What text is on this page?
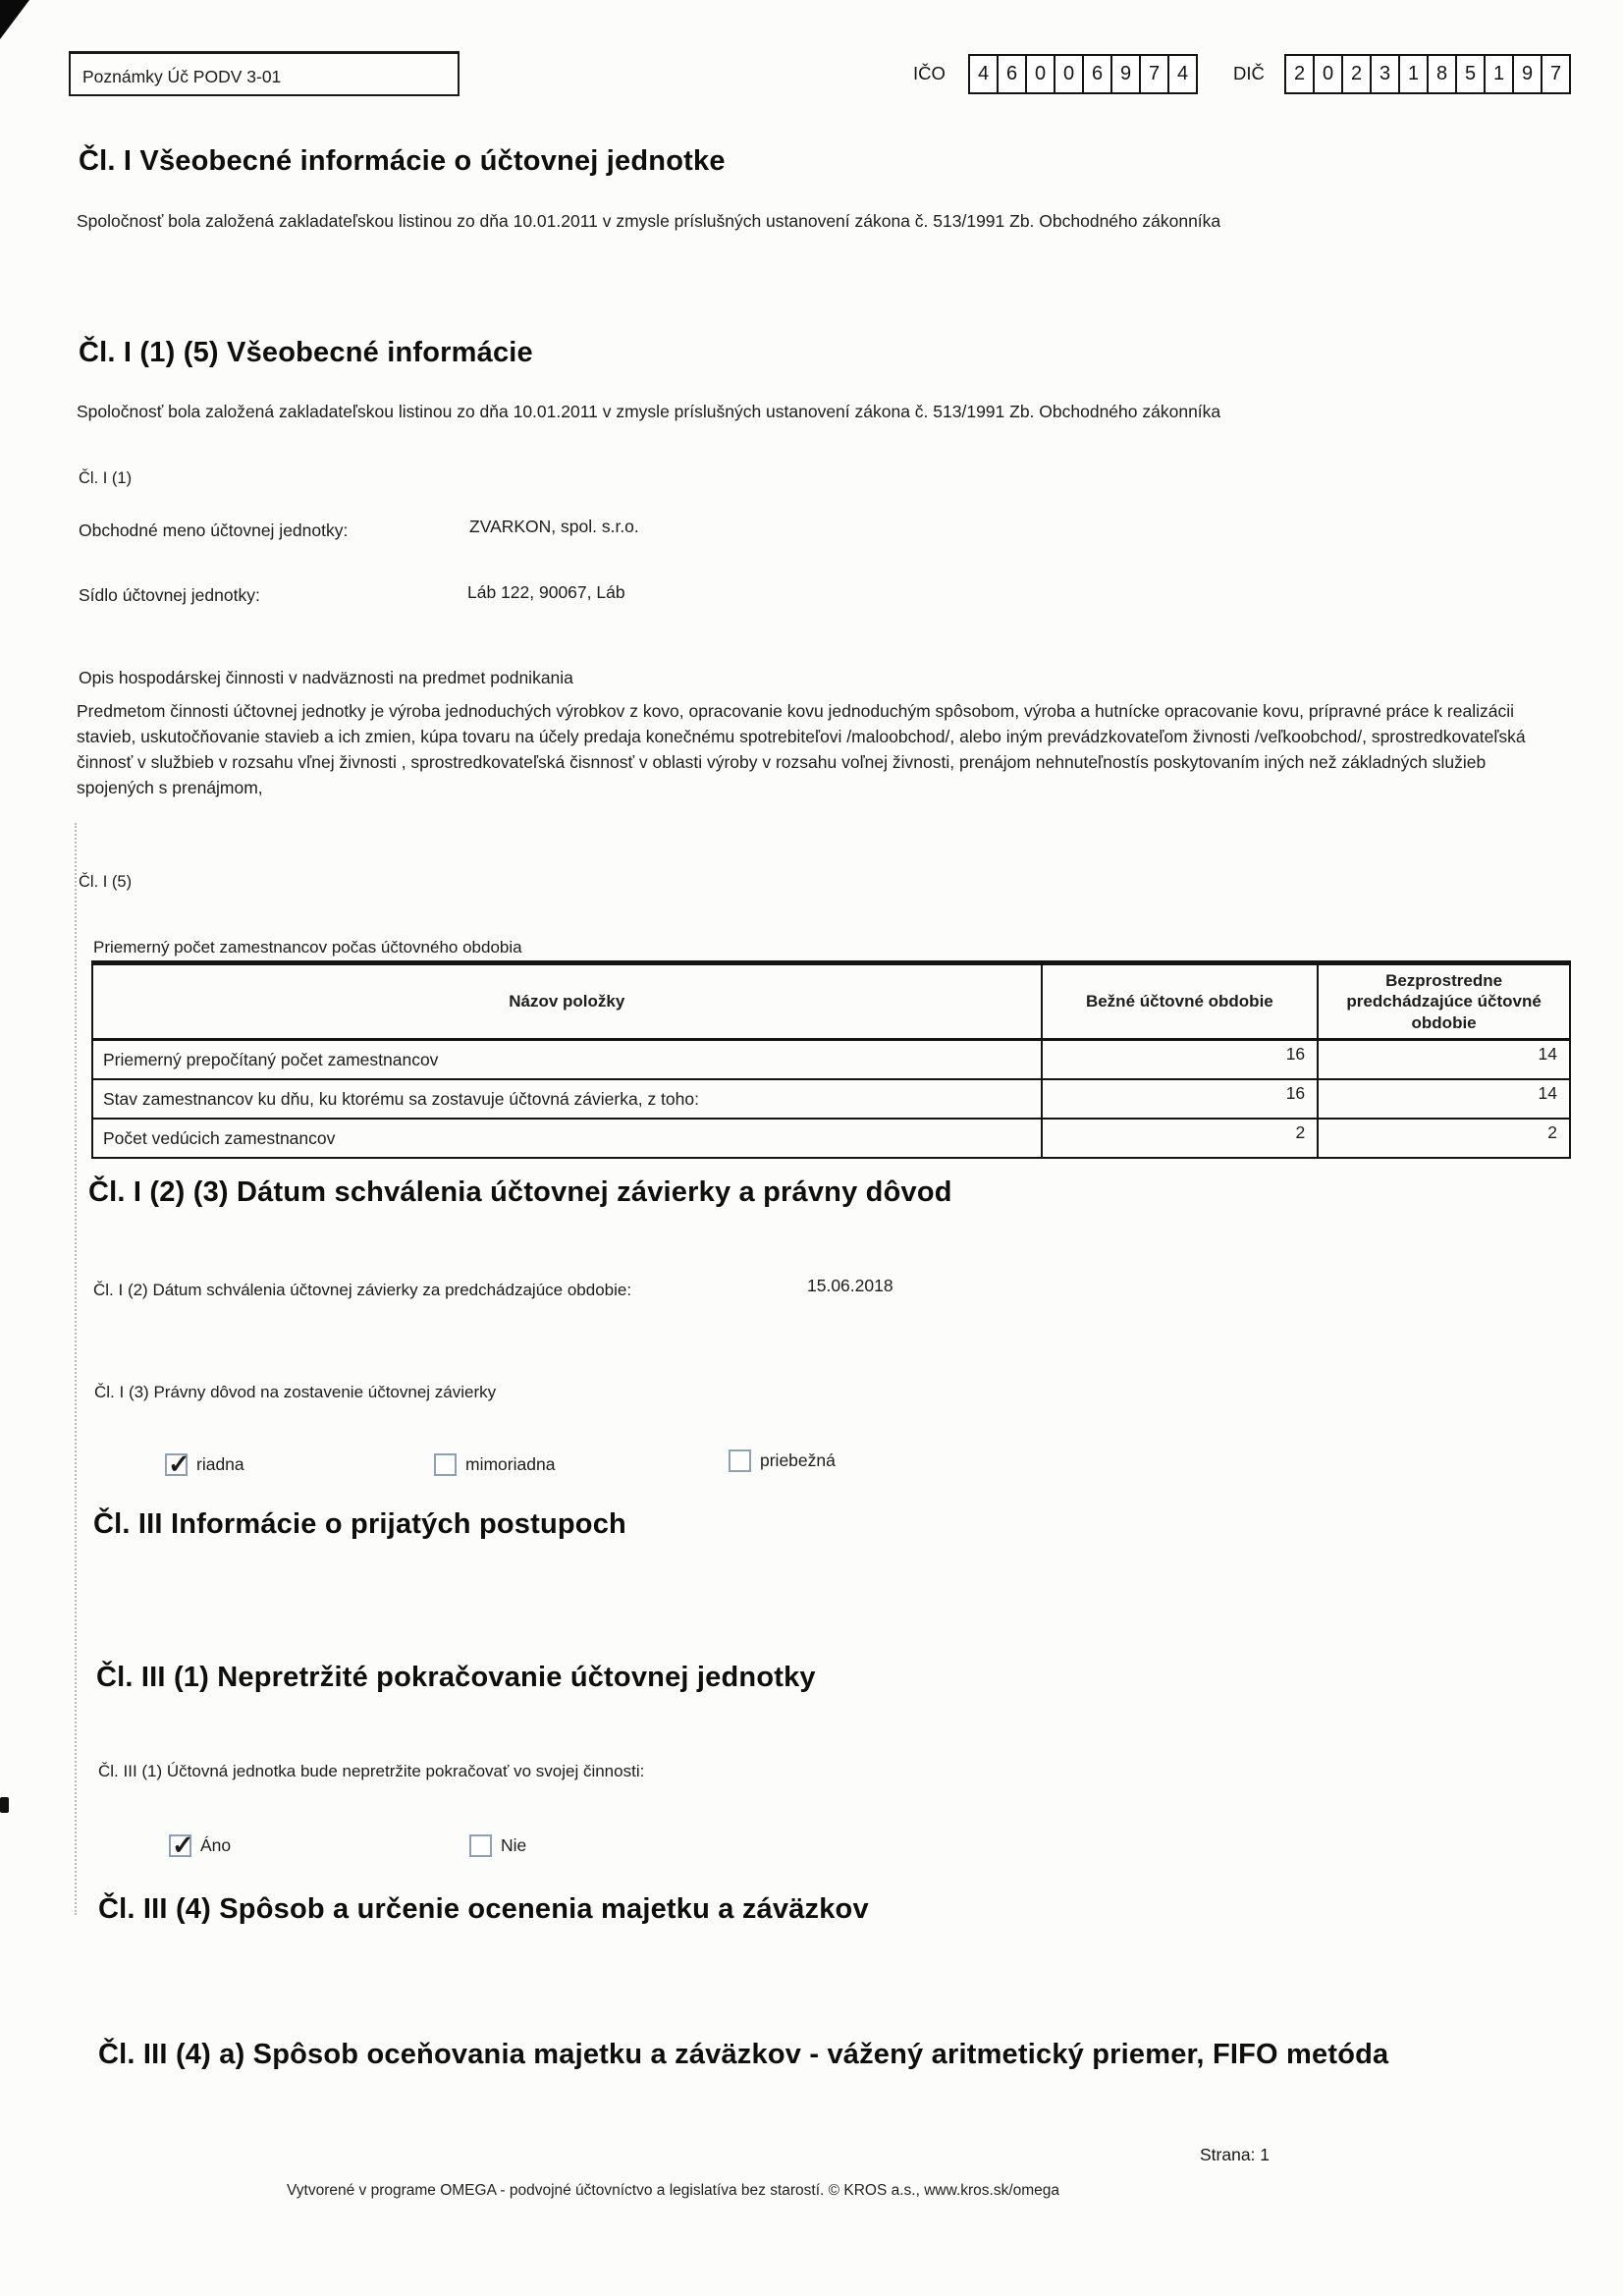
Poznámky Úč PODV 3-01	IČO	4 6 0 0 6 9 7 4	DIČ	2 0 2 3 1 8 5 1 9 7
Čl. I Všeobecné informácie o účtovnej jednotke
Spoločnosť bola založená zakladateľskou listinou zo dňa 10.01.2011 v zmysle príslušných ustanovení zákona č. 513/1991 Zb. Obchodného zákonníka
Čl. I (1) (5) Všeobecné informácie
Spoločnosť bola založená zakladateľskou listinou zo dňa 10.01.2011 v zmysle príslušných ustanovení zákona č. 513/1991 Zb. Obchodného zákonníka
Čl. I (1)
Obchodné meno účtovnej jednotky:	ZVARKON, spol. s.r.o.
Sídlo účtovnej jednotky:	Láb 122, 90067, Láb
Opis hospodárskej činnosti v nadväznosti na predmet podnikania
Predmetom činnosti účtovnej jednotky je výroba jednoduchých výrobkov z kovo, opracovanie kovu jednoduchým spôsobom, výroba a hutnícke opracovanie kovu, prípravné práce k realizácii stavieb, uskutočňovanie stavieb a ich zmien, kúpa tovaru na účely predaja konečnému spotrebiteľovi /maloobchod/, alebo iným prevádzkovateľom živnosti /veľkoobchod/, sprostredkovateľská činnosť v službieb v rozsahu vľnej živnosti , sprostredkovateľská čisnnosť v oblasti výroby v rozsahu voľnej živnosti, prenájom nehnuteľnostís poskytovaním iných než základných služieb spojených s prenájmom,
Čl. I (5)
Priemerný počet zamestnancov počas účtovného obdobia
Názov položky	Bežné účtovné obdobie	Bezprostredne predchádzajúce účtovné obdobie
Priemerný prepočítaný počet zamestnancov	16	14
Stav zamestnancov ku dňu, ku ktorému sa zostavuje účtovná závierka, z toho:	16	14
Počet vedúcich zamestnancov	2	2
Čl. I (2) (3) Dátum schválenia účtovnej závierky a právny dôvod
Čl. I (2) Dátum schválenia účtovnej závierky za predchádzajúce obdobie:	15.06.2018
Čl. I (3) Právny dôvod na zostavenie účtovnej závierky
✓
riadna	mimoriadna	priebežná
Čl. III Informácie o prijatých postupoch
Čl. III (1) Nepretržité pokračovanie účtovnej jednotky
Čl. III (1) Účtovná jednotka bude nepretržite pokračovať vo svojej činnosti:
✓
Áno	Nie
Čl. III (4) Spôsob a určenie ocenenia majetku a záväzkov
Čl. III (4) a) Spôsob oceňovania majetku a záväzkov - vážený aritmetický priemer, FIFO metóda
Strana: 1
Vytvorené v programe OMEGA - podvojné účtovníctvo a legislatíva bez starostí. © KROS a.s., www.kros.sk/omega
